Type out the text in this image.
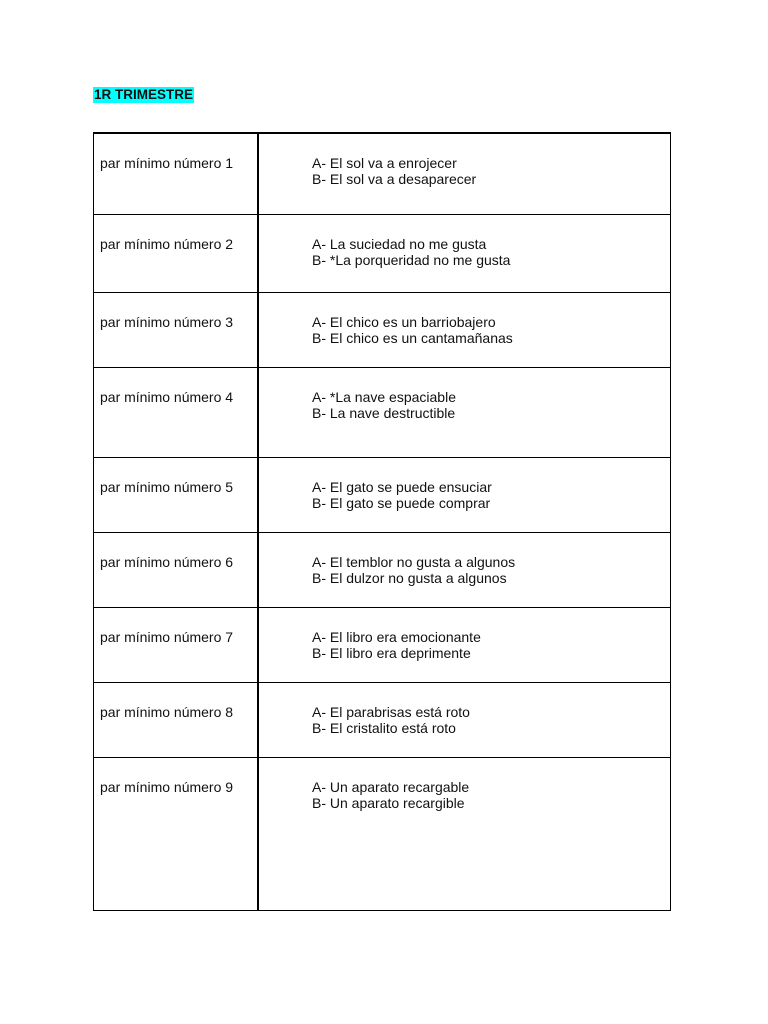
1R TRIMESTRE
par mínimo número 1	A- El sol va a enrojecer
B- El sol va a desaparecer

par mínimo número 2	A- La suciedad no me gusta
B- *La porqueridad no me gusta

par mínimo número 3	A- El chico es un barriobajero
B- El chico es un cantamañanas

par mínimo número 4	A- *La nave espaciable
B- La nave destructible

par mínimo número 5	A- El gato se puede ensuciar
B- El gato se puede comprar

par mínimo número 6	A- El temblor no gusta a algunos
B- El dulzor no gusta a algunos

par mínimo número 7	A- El libro era emocionante
B- El libro era deprimente

par mínimo número 8	A- El parabrisas está roto
B- El cristalito está roto

par mínimo número 9	A- Un aparato recargable
B- Un aparato recargible
